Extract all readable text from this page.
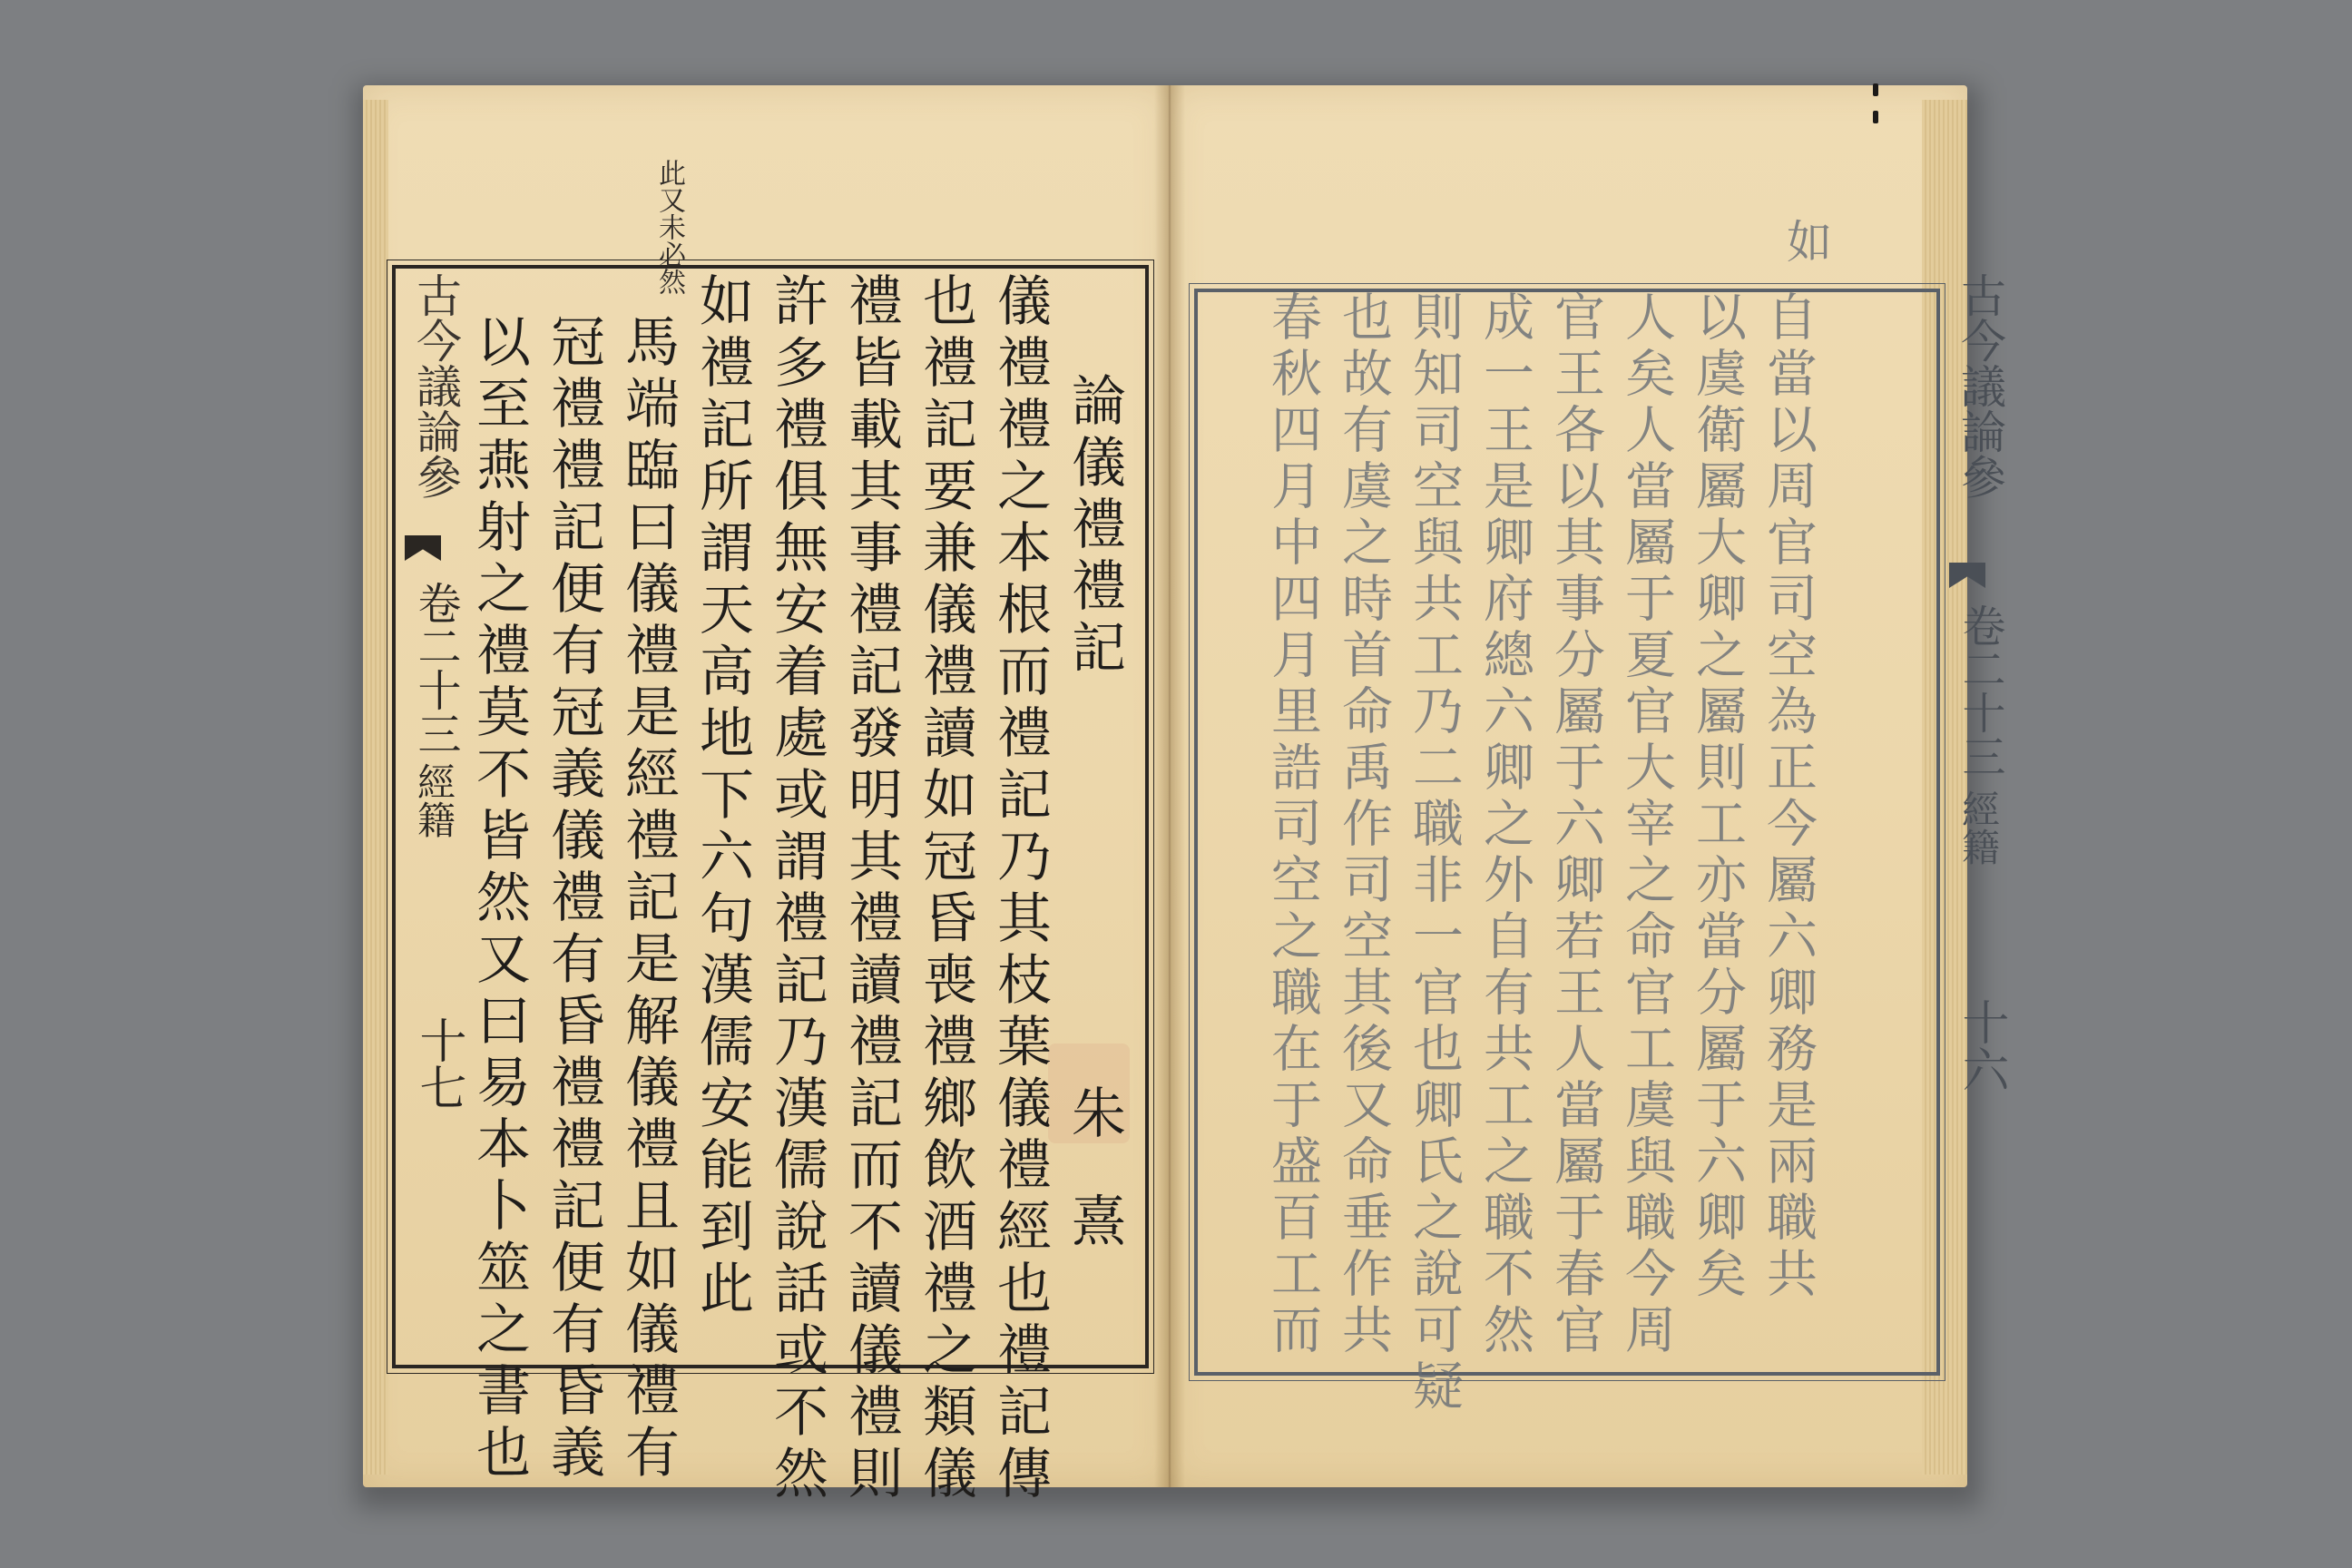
此又未必然
古今議論參
卷二十三
經籍
十七
論儀禮禮記
朱 熹
儀禮禮之本根而禮記乃其枝葉儀禮經也禮記傳
也禮記要兼儀禮讀如冠昏喪禮鄉飲酒禮之類儀
禮皆載其事禮記發明其禮讀禮記而不讀儀禮則
許多禮俱無安着處或謂禮記乃漢儒說話或不然
如禮記所謂天高地下六句漢儒安能到此
馬端臨曰儀禮是經禮記是解儀禮且如儀禮有
冠禮禮記便有冠義儀禮有昏禮禮記便有昏義
以至燕射之禮莫不皆然又曰易本卜筮之書也
如
古今議論參
卷二十三
經籍
十六
自當以周官司空為正今屬六卿務是兩職共
以虞衛屬大卿之屬則工亦當分屬于六卿矣
人矣人當屬于夏官大宰之命官工虞與職今周
官王各以其事分屬于六卿若王人當屬于春官
成一王是卿府總六卿之外自有共工之職不然
則知司空與共工乃二職非一官也卿氏之說可疑
也故有虞之時首命禹作司空其後又命垂作共
春秋四月中四月里誥司空之職在于盛百工而
